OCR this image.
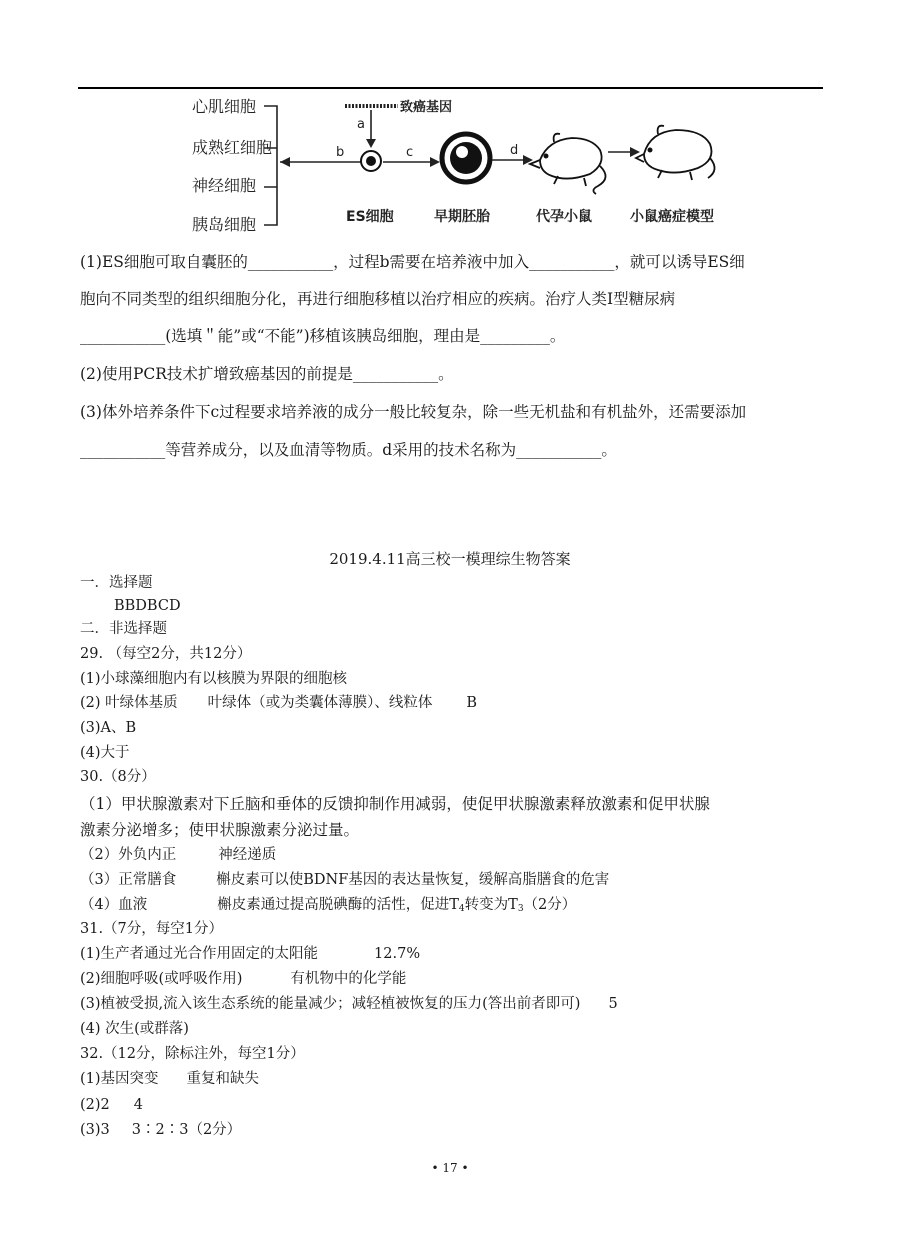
心肌细胞
成熟红细胞
神经细胞
胰岛细胞
b
致癌基因
a
ES细胞
c
早期胚胎
d
代孕小鼠	小鼠癌症模型
(1)ES细胞可取自囊胚的___________，过程b需要在培养液中加入___________，就可以诱导ES细
胞向不同类型的组织细胞分化，再进行细胞移植以治疗相应的疾病。治疗人类Ⅰ型糖尿病
___________(选填＂能”或“不能”)移植该胰岛细胞，理由是_________。
(2)使用PCR技术扩增致癌基因的前提是___________。
(3)体外培养条件下c过程要求培养液的成分一般比较复杂，除一些无机盐和有机盐外，还需要添加
___________等营养成分，以及血清等物质。d采用的技术名称为___________。
2019.4.11高三校一模理综生物答案
一．选择题
BBDBCD
二．非选择题
29. （每空2分，共12分）
(1)小球藻细胞内有以核膜为界限的细胞核
(2) 叶绿体基质 叶绿体（或为类囊体薄膜）、线粒体 B
(3)A、B
(4)大于
30.（8分）
（1）甲状腺激素对下丘脑和垂体的反馈抑制作用减弱，使促甲状腺激素释放激素和促甲状腺
激素分泌增多；使甲状腺激素分泌过量。
（2）外负内正	神经递质
（3）正常膳食	槲皮素可以使BDNF基因的表达量恢复，缓解高脂膳食的危害
（4）血液	槲皮素通过提高脱碘酶的活性，促进$T_4$转变为$T_3(2$分）
31.（7分，每空1分）
(1)生产者通过光合作用固定的太阳能	12.7%
(2)细胞呼吸(或呼吸作用)	有机物中的化学能
(3)植被受损,流入该生态系统的能量减少；减轻植被恢复的压力(答出前者即可) 5
(4) 次生(或群落)
32.（12分，除标注外，每空1分）
(1)基因突变 重复和缺失
(2)2 4
(3)3 3∶2∶3（2分）
• 17 •
